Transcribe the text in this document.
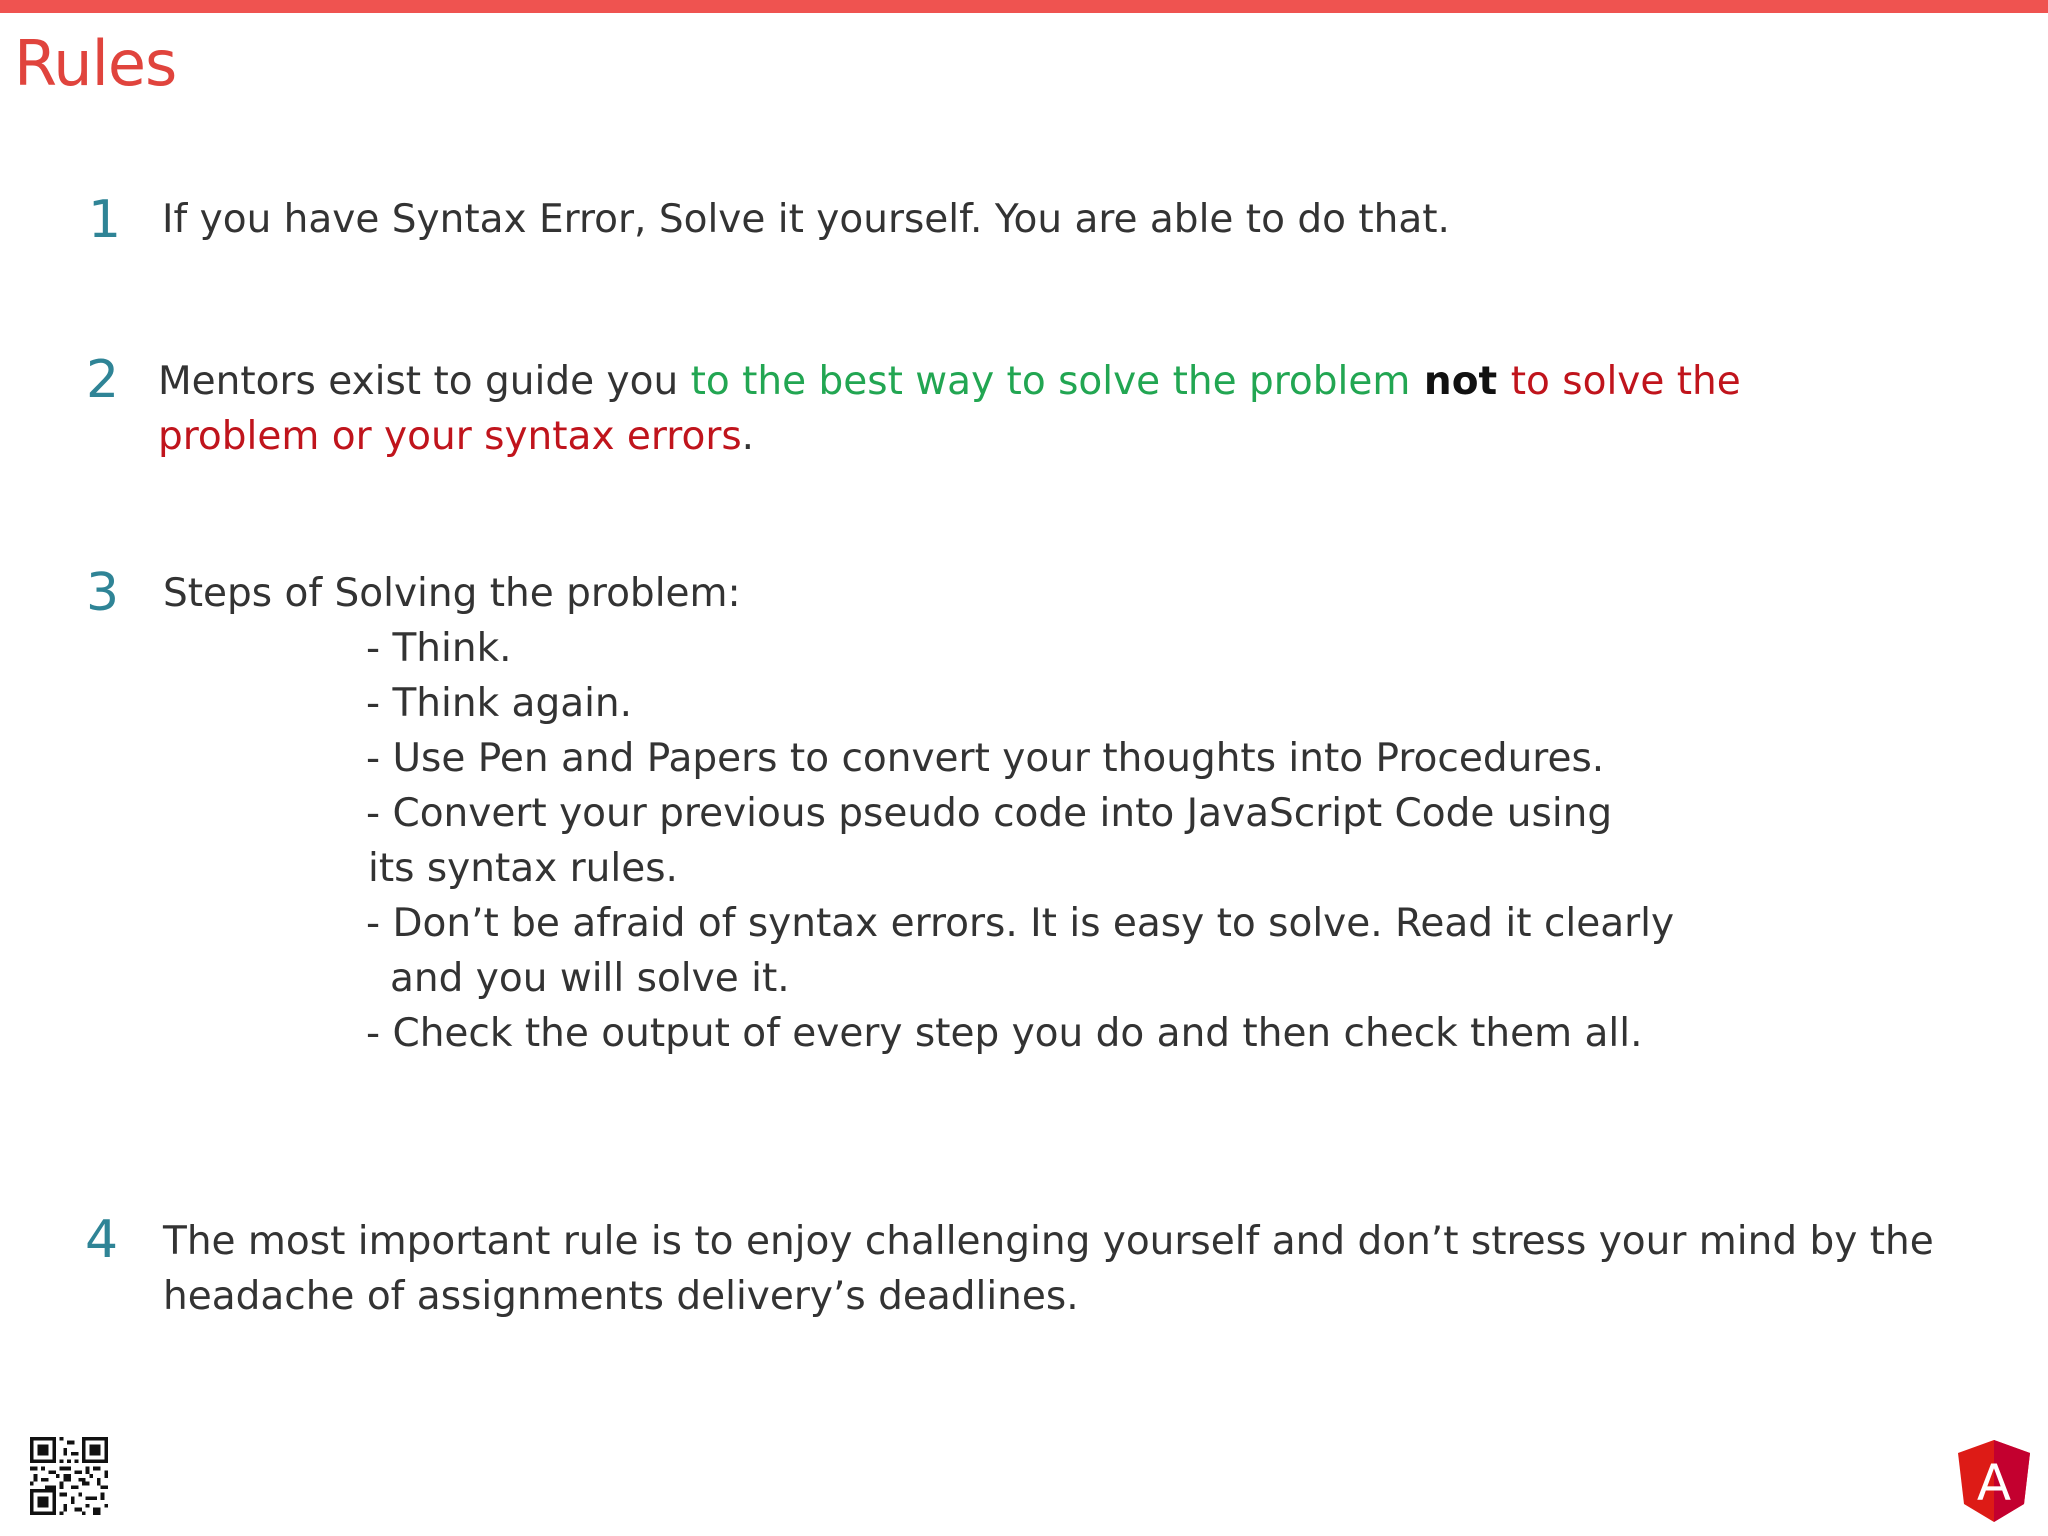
Rules
1 If you have Syntax Error, Solve it yourself. You are able to do that.
2 Mentors exist to guide you to the best way to solve the problem not to solve the
problem or your syntax errors.
3 Steps of Solving the problem:
- Think.
- Think again.
- Use Pen and Papers to convert your thoughts into Procedures.
- Convert your previous pseudo code into JavaScript Code using
its syntax rules.
- Don’t be afraid of syntax errors. It is easy to solve. Read it clearly
and you will solve it.
- Check the output of every step you do and then check them all.
4 The most important rule is to enjoy challenging yourself and don’t stress your mind by the
headache of assignments delivery’s deadlines.
A
